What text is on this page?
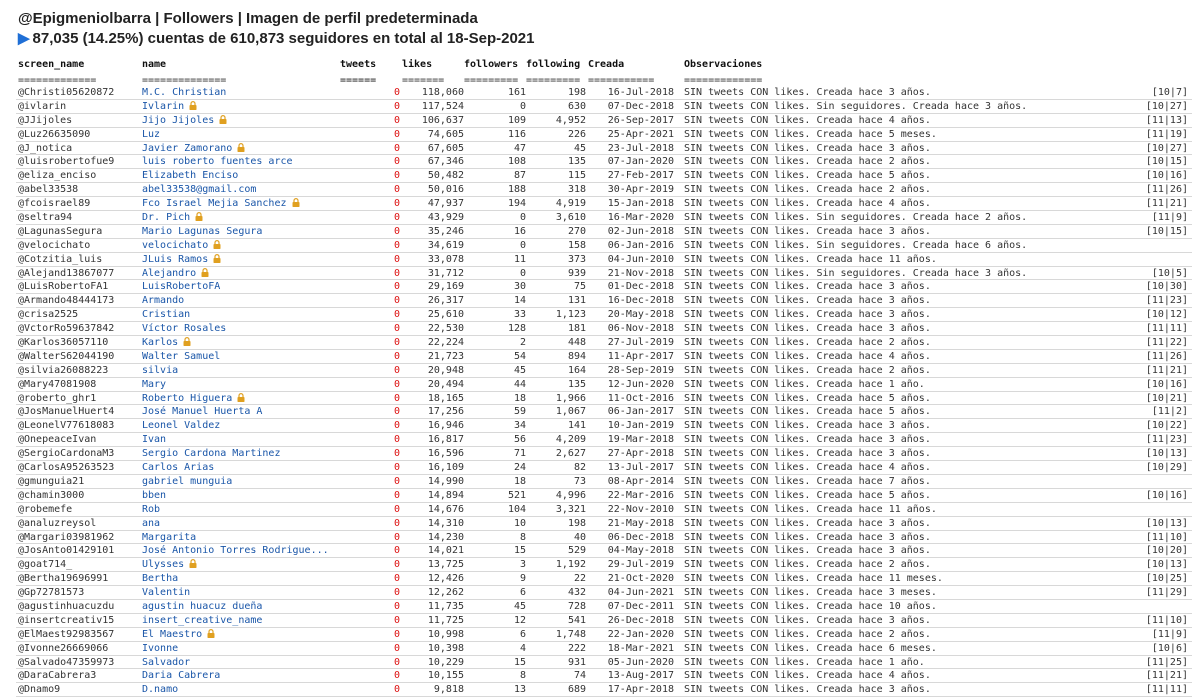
@Epigmeniolbarra | Followers | Imagen de perfil predeterminada
▶ 87,035 (14.25%) cuentas de 610,873 seguidores en total al 18-Sep-2021
screen_name	name	tweets	likes	followers following Creada	Observaciones
=============	==============	======	=======	========= ========= ===========	=============
@Christi05620872	M.C. Christian	0	118,060	161	198	16-Jul-2018 SIN tweets CON likes. Creada hace 3 años.	[10|7]
@ivlarin	Ivlarin	0	117,524	0	630	07-Dec-2018 SIN tweets CON likes. Sin seguidores. Creada hace 3 años.	[10|27]
@JJijoles	Jijo Jijoles	0	106,637	109	4,952	26-Sep-2017 SIN tweets CON likes. Creada hace 4 años.	[11|13]
@Luz26635090	Luz	0	74,605	116	226	25-Apr-2021 SIN tweets CON likes. Creada hace 5 meses.	[11|19]
@J_notica	Javier Zamorano	0	67,605	47	45	23-Jul-2018 SIN tweets CON likes. Creada hace 3 años.	[10|27]
@luisrobertofue9	luis roberto fuentes arce	0	67,346	108	135	07-Jan-2020 SIN tweets CON likes. Creada hace 2 años.	[10|15]
@eliza_enciso	Elizabeth Enciso	0	50,482	87	115	27-Feb-2017 SIN tweets CON likes. Creada hace 5 años.	[10|16]
@abel33538	abel33538@gmail.com	0	50,016	188	318	30-Apr-2019 SIN tweets CON likes. Creada hace 2 años.	[11|26]
@fcoisrael89	Fco Israel Mejia Sanchez	0	47,937	194	4,919	15-Jan-2018 SIN tweets CON likes. Creada hace 4 años.	[11|21]
@seltra94	Dr. Pich	0	43,929	0	3,610	16-Mar-2020 SIN tweets CON likes. Sin seguidores. Creada hace 2 años.	[11|9]
@LagunasSegura	Mario Lagunas Segura	0	35,246	16	270	02-Jun-2018 SIN tweets CON likes. Creada hace 3 años.	[10|15]
@velocichato	velocichato	0	34,619	0	158	06-Jan-2016 SIN tweets CON likes. Sin seguidores. Creada hace 6 años.
@Cotzitia_luis	JLuis Ramos	0	33,078	11	373	04-Jun-2010 SIN tweets CON likes. Creada hace 11 años.
@Alejand13867077	Alejandro	0	31,712	0	939	21-Nov-2018 SIN tweets CON likes. Sin seguidores. Creada hace 3 años.	[10|5]
@LuisRobertoFA1	LuisRobertoFA	0	29,169	30	75	01-Dec-2018 SIN tweets CON likes. Creada hace 3 años.	[10|30]
@Armando48444173	Armando	0	26,317	14	131	16-Dec-2018 SIN tweets CON likes. Creada hace 3 años.	[11|23]
@crisa2525	Cristian	0	25,610	33	1,123	20-May-2018 SIN tweets CON likes. Creada hace 3 años.	[10|12]
@VctorRo59637842	Víctor Rosales	0	22,530	128	181	06-Nov-2018 SIN tweets CON likes. Creada hace 3 años.	[11|11]
@Karlos36057110	Karlos	0	22,224	2	448	27-Jul-2019 SIN tweets CON likes. Creada hace 2 años.	[11|22]
@WalterS62044190	Walter Samuel	0	21,723	54	894	11-Apr-2017 SIN tweets CON likes. Creada hace 4 años.	[11|26]
@silvia26088223	silvia	0	20,948	45	164	28-Sep-2019 SIN tweets CON likes. Creada hace 2 años.	[11|21]
@Mary47081908	Mary	0	20,494	44	135	12-Jun-2020 SIN tweets CON likes. Creada hace 1 año.	[10|16]
@roberto_ghr1	Roberto Higuera	0	18,165	18	1,966	11-Oct-2016 SIN tweets CON likes. Creada hace 5 años.	[10|21]
@JosManuelHuert4	José Manuel Huerta A	0	17,256	59	1,067	06-Jan-2017 SIN tweets CON likes. Creada hace 5 años.	[11|2]
@LeonelV77618083	Leonel Valdez	0	16,946	34	141	10-Jan-2019 SIN tweets CON likes. Creada hace 3 años.	[10|22]
@OnepeaceIvan	Ivan	0	16,817	56	4,209	19-Mar-2018 SIN tweets CON likes. Creada hace 3 años.	[11|23]
@SergioCardonaM3	Sergio Cardona Martinez	0	16,596	71	2,627	27-Apr-2018 SIN tweets CON likes. Creada hace 3 años.	[10|13]
@CarlosA95263523	Carlos Arias	0	16,109	24	82	13-Jul-2017 SIN tweets CON likes. Creada hace 4 años.	[10|29]
@gmunguia21	gabriel munguia	0	14,990	18	73	08-Apr-2014 SIN tweets CON likes. Creada hace 7 años.
@chamin3000	bben	0	14,894	521	4,996	22-Mar-2016 SIN tweets CON likes. Creada hace 5 años.	[10|16]
@robemefe	Rob	0	14,676	104	3,321	22-Nov-2010 SIN tweets CON likes. Creada hace 11 años.
@analuzreysol	ana	0	14,310	10	198	21-May-2018 SIN tweets CON likes. Creada hace 3 años.	[10|13]
@Margari03981962	Margarita	0	14,230	8	40	06-Dec-2018 SIN tweets CON likes. Creada hace 3 años.	[11|10]
@JosAnto01429101	José Antonio Torres Rodrigue...	0	14,021	15	529	04-May-2018 SIN tweets CON likes. Creada hace 3 años.	[10|20]
@goat714_	Ulysses	0	13,725	3	1,192	29-Jul-2019 SIN tweets CON likes. Creada hace 2 años.	[10|13]
@Bertha19696991	Bertha	0	12,426	9	22	21-Oct-2020 SIN tweets CON likes. Creada hace 11 meses.	[10|25]
@Gp72781573	Valentin	0	12,262	6	432	04-Jun-2021 SIN tweets CON likes. Creada hace 3 meses.	[11|29]
@agustinhuacuzdu	agustin huacuz dueña	0	11,735	45	728	07-Dec-2011 SIN tweets CON likes. Creada hace 10 años.
@insertcreativ15	insert_creative_name	0	11,725	12	541	26-Dec-2018 SIN tweets CON likes. Creada hace 3 años.	[11|10]
@ElMaest92983567	El Maestro	0	10,998	6	1,748	22-Jan-2020 SIN tweets CON likes. Creada hace 2 años.	[11|9]
@Ivonne26669066	Ivonne	0	10,398	4	222	18-Mar-2021 SIN tweets CON likes. Creada hace 6 meses.	[10|6]
@Salvado47359973	Salvador	0	10,229	15	931	05-Jun-2020 SIN tweets CON likes. Creada hace 1 año.	[11|25]
@DaraCabrera3	Daria Cabrera	0	10,155	8	74	13-Aug-2017 SIN tweets CON likes. Creada hace 4 años.	[11|21]
@Dnamo9	D.namo	0	9,818	13	689	17-Apr-2018 SIN tweets CON likes. Creada hace 3 años.	[11|11]
